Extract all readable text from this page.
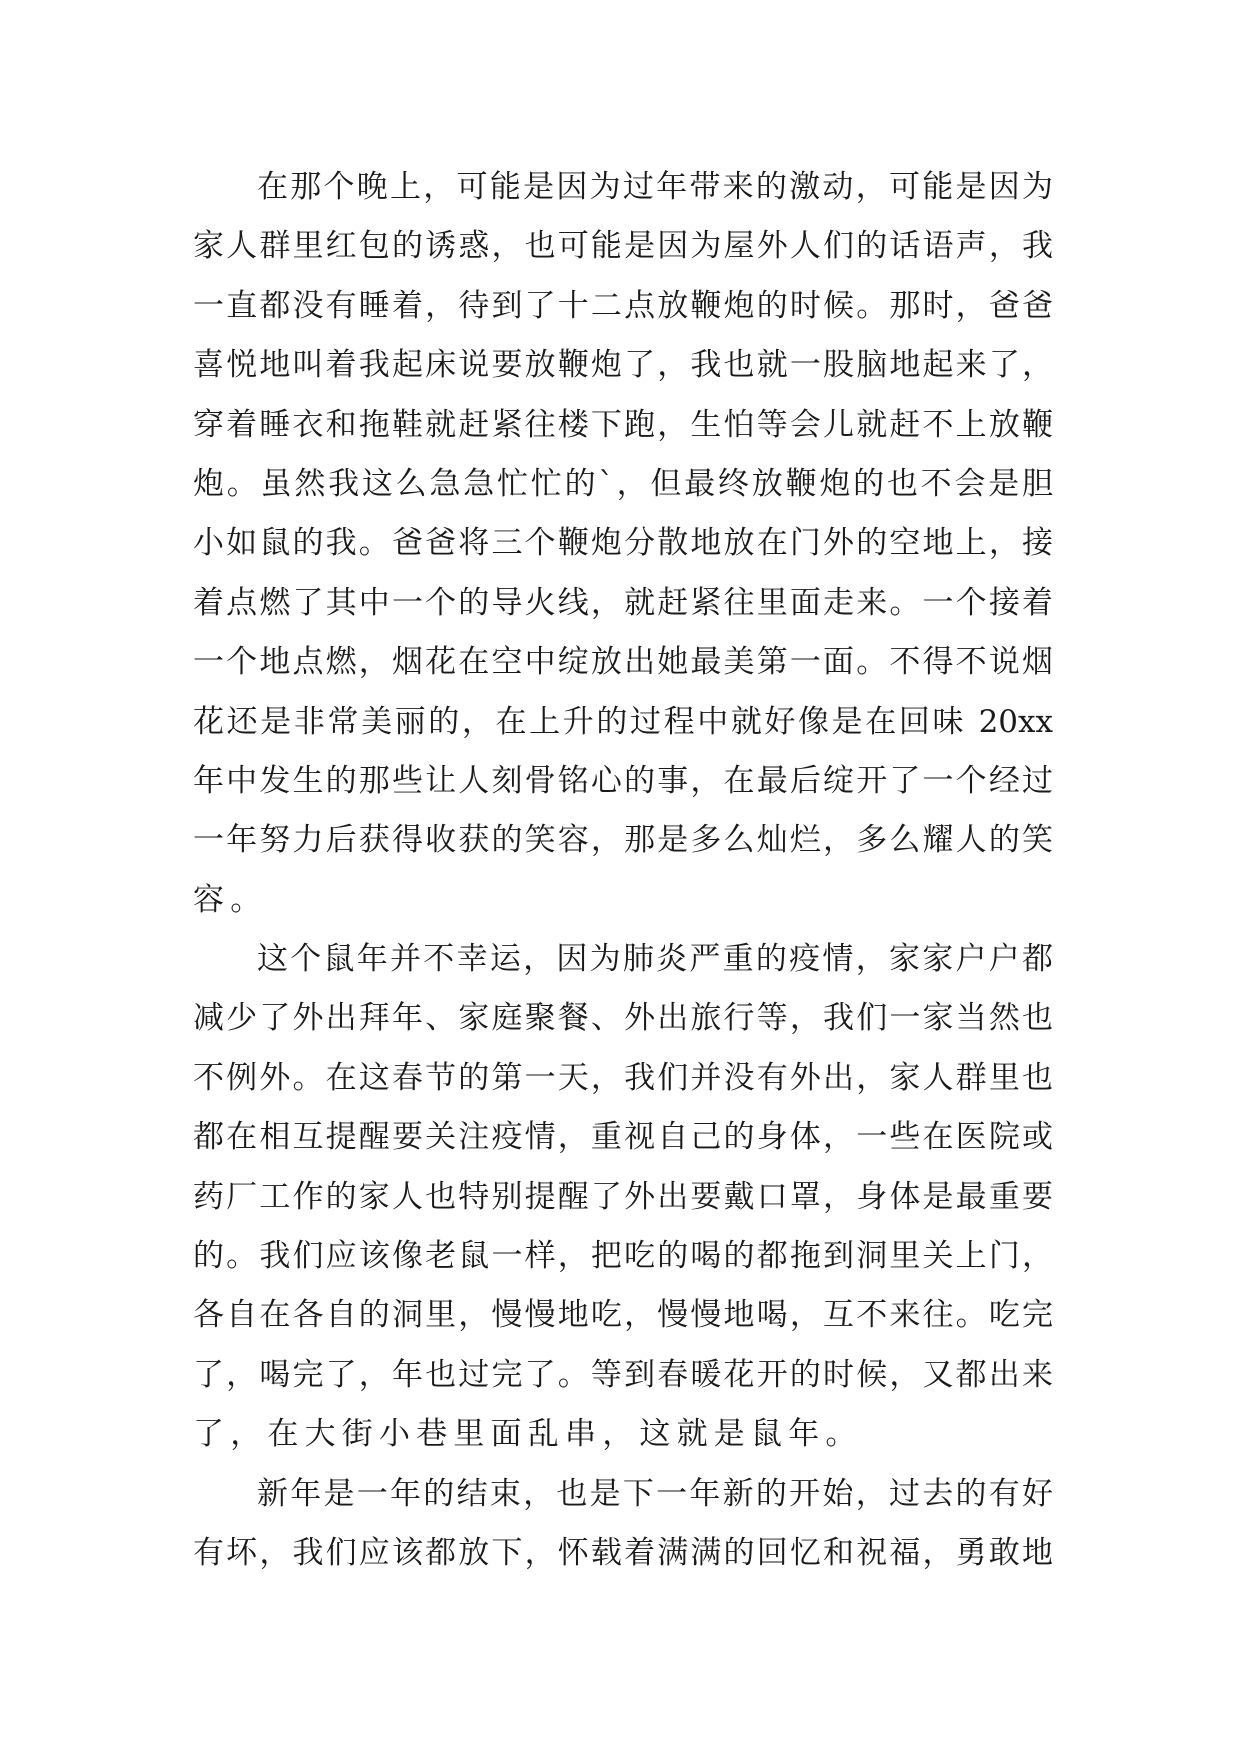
在那个晚上，可能是因为过年带来的激动，可能是因为
家人群里红包的诱惑，也可能是因为屋外人们的话语声，我
一直都没有睡着，待到了十二点放鞭炮的时候。那时，爸爸
喜悦地叫着我起床说要放鞭炮了，我也就一股脑地起来了，
穿着睡衣和拖鞋就赶紧往楼下跑，生怕等会儿就赶不上放鞭
炮。虽然我这么急急忙忙的`，但最终放鞭炮的也不会是胆
小如鼠的我。爸爸将三个鞭炮分散地放在门外的空地上，接
着点燃了其中一个的导火线，就赶紧往里面走来。一个接着
一个地点燃，烟花在空中绽放出她最美第一面。不得不说烟
花还是非常美丽的，在上升的过程中就好像是在回味 20xx
年中发生的那些让人刻骨铭心的事，在最后绽开了一个经过
一年努力后获得收获的笑容，那是多么灿烂，多么耀人的笑
容。
这个鼠年并不幸运，因为肺炎严重的疫情，家家户户都
减少了外出拜年、家庭聚餐、外出旅行等，我们一家当然也
不例外。在这春节的第一天，我们并没有外出，家人群里也
都在相互提醒要关注疫情，重视自己的身体，一些在医院或
药厂工作的家人也特别提醒了外出要戴口罩，身体是最重要
的。我们应该像老鼠一样，把吃的喝的都拖到洞里关上门，
各自在各自的洞里，慢慢地吃，慢慢地喝，互不来往。吃完
了，喝完了，年也过完了。等到春暖花开的时候，又都出来
了，在大街小巷里面乱串，这就是鼠年。
新年是一年的结束，也是下一年新的开始，过去的有好
有坏，我们应该都放下，怀载着满满的回忆和祝福，勇敢地
